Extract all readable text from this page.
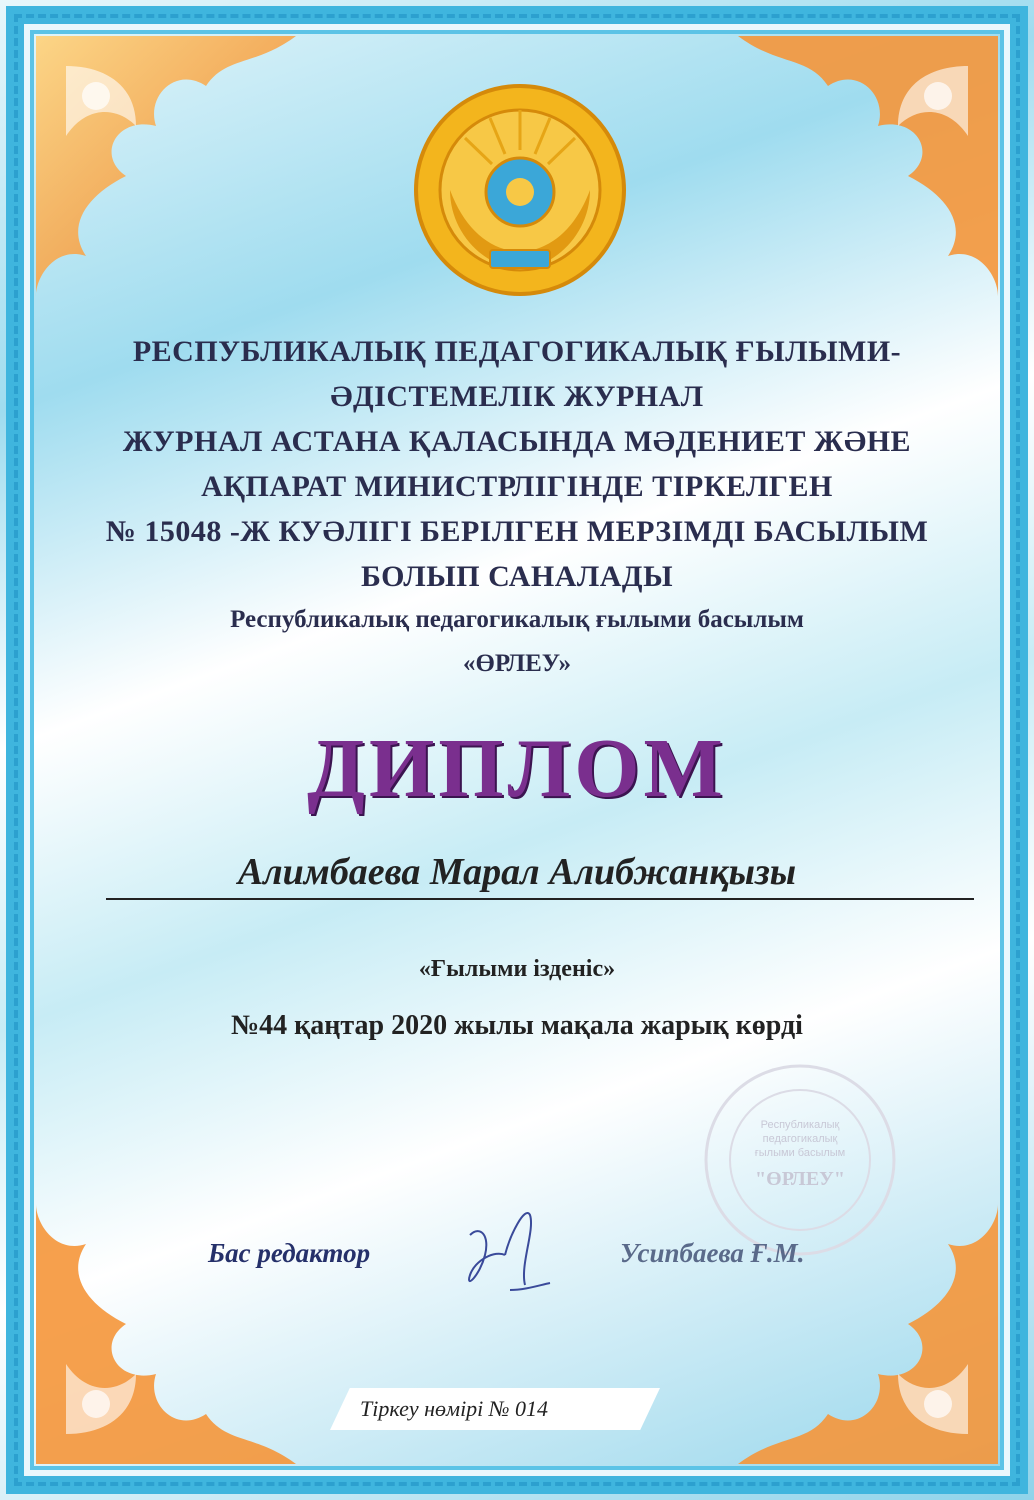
РЕСПУБЛИКАЛЫҚ ПЕДАГОГИКАЛЫҚ ҒЫЛЫМИ-
ӘДІСТЕМЕЛІК ЖУРНАЛ
ЖУРНАЛ АСТАНА ҚАЛАСЫНДА МӘДЕНИЕТ ЖӘНЕ
АҚПАРАТ МИНИСТРЛІГІНДЕ ТІРКЕЛГЕН
№ 15048 -Ж КУӘЛІГІ БЕРІЛГЕН МЕРЗІМДІ БАСЫЛЫМ
БОЛЫП САНАЛАДЫ
Республикалық педагогикалық ғылыми басылым
«ӨРЛЕУ»
ДИПЛОМ
Алимбаева Марал Алибжанқызы
«Ғылыми ізденіс»
№44 қаңтар 2020 жылы мақала жарық көрді
Республикалық
педагогикалық
ғылыми басылым
"ӨРЛЕУ"
Бас редактор	Усипбаева Ғ.М.
Тіркеу нөмірі № 014
